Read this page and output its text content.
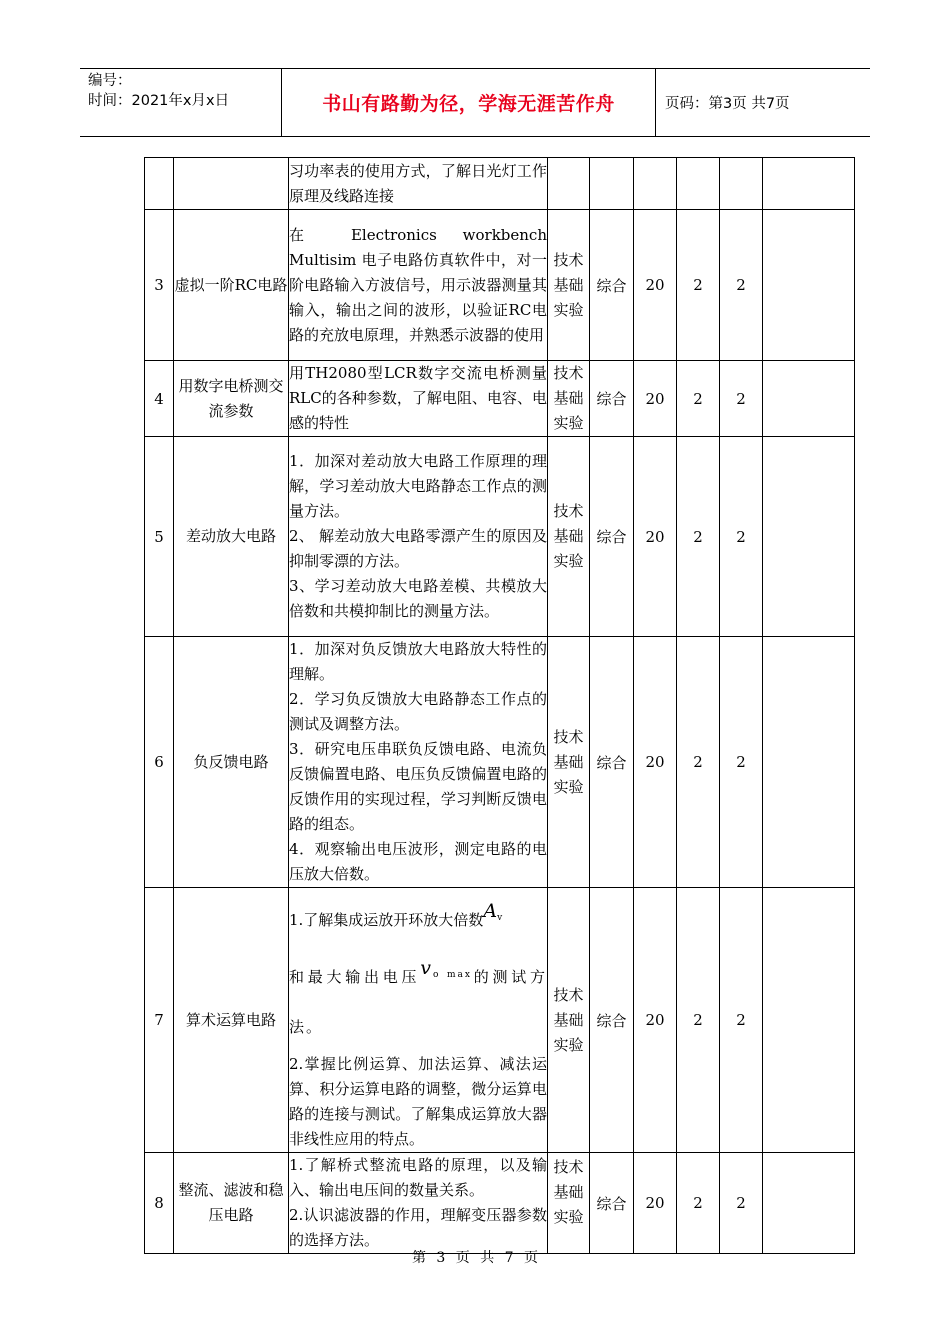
编号：
时间：2021年x月x日	书山有路勤为径，学海无涯苦作舟	页码：第3页 共7页

		习功率表的使用方式，了解日光灯工作原理及线路连接						

3	虚拟一阶RC电路	在 Electronics workbench Multisim 电子电路仿真软件中，对一阶电路输入方波信号，用示波器测量其输入，输出之间的波形，以验证RC电路的充放电原理，并熟悉示波器的使用	技术基础实验	综合	20	2	2	
4	用数字电桥测交流参数	用TH2080型LCR数字交流电桥测量RLC的各种参数，了解电阻、电容、电感的特性	技术基础实验	综合	20	2	2	
5	差动放大电路	1．加深对差动放大电路工作原理的理解，学习差动放大电路静态工作点的测量方法。
2、 解差动放大电路零漂产生的原因及抑制零漂的方法。
3、学习差动放大电路差模、共模放大倍数和共模抑制比的测量方法。	技术基础实验	综合	20	2	2	
6	负反馈电路	1．加深对负反馈放大电路放大特性的理解。
2．学习负反馈放大电路静态工作点的测试及调整方法。
3．研究电压串联负反馈电路、电流负反馈偏置电路、电压负反馈偏置电路的反馈作用的实现过程，学习判断反馈电路的组态。
4．观察输出电压波形，测定电路的电压放大倍数。	技术基础实验	综合	20	2	2	
7	算术运算电路	1.了解集成运放开环放大倍数$A_v$
和最大输出电压$v_{o max}$的测试方法。
2.掌握比例运算、加法运算、减法运算、积分运算电路的调整，微分运算电路的连接与测试。了解集成运算放大器非线性应用的特点。	技术基础实验	综合	20	2	2	
8	整流、滤波和稳压电路	1.了解桥式整流电路的原理，以及输入、输出电压间的数量关系。
2.认识滤波器的作用，理解变压器参数的选择方法。	技术基础实验	综合	20	2	2	
第 3 页 共 7 页
